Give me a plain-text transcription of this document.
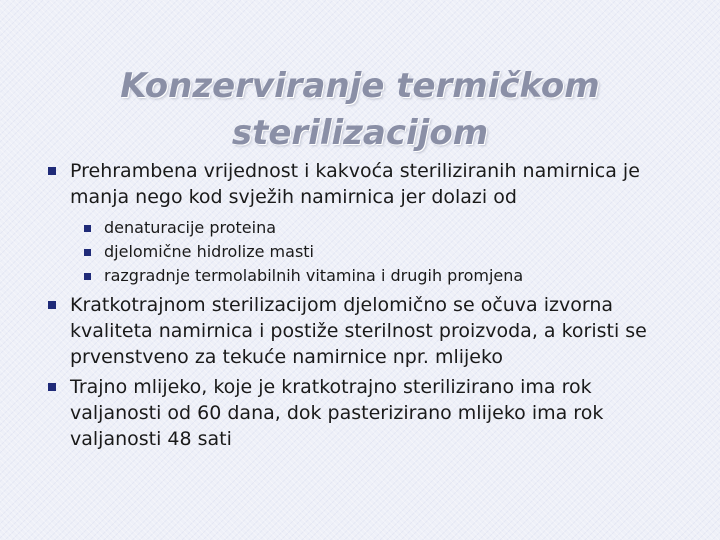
Konzerviranje termičkom
sterilizacijom
Prehrambena vrijednost i kakvoća steriliziranih namirnica je manja nego kod svježih namirnica jer dolazi od
denaturacije proteina
djelomične hidrolize masti
razgradnje termolabilnih vitamina i drugih promjena
Kratkotrajnom sterilizacijom djelomično se očuva izvorna kvaliteta namirnica i postiže sterilnost proizvoda, a koristi se prvenstveno za tekuće namirnice npr. mlijeko
Trajno mlijeko, koje je kratkotrajno sterilizirano ima rok valjanosti od 60 dana, dok pasterizirano mlijeko ima rok valjanosti 48 sati
